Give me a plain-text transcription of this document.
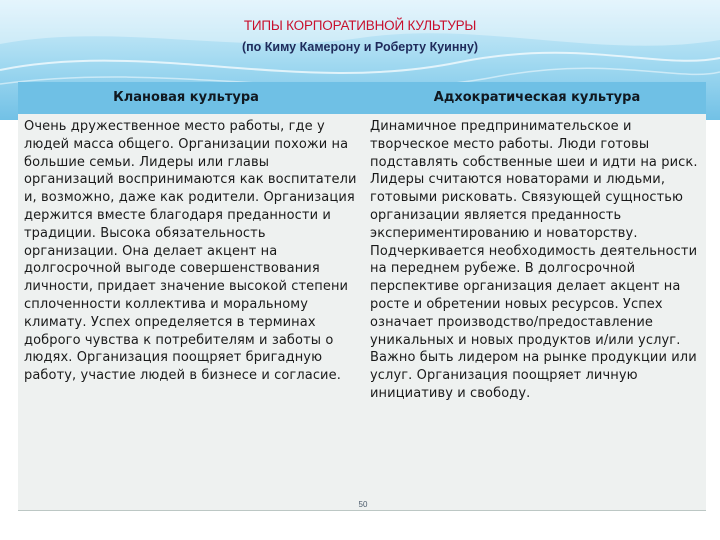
ТИПЫ КОРПОРАТИВНОЙ КУЛЬТУРЫ
(по Киму Камерону и Роберту Куинну)
Клановая культура	Адхократическая культура
Очень дружественное место работы, где у людей масса общего. Организации похожи на большие семьи. Лидеры или главы организаций воспринимаются как воспитатели и, возможно, даже как родители. Организация держится вместе благодаря преданности и традиции. Высока обязательность организации. Она делает акцент на долгосрочной выгоде совершенствования личности, придает значение высокой степени сплоченности коллектива и моральному климату. Успех определяется в терминах доброго чувства к потребителям и заботы о людях. Организация поощряет бригадную работу, участие людей в бизнесе и согласие.
Динамичное предпринимательское и творческое место работы. Люди готовы подставлять собственные шеи и идти на риск. Лидеры считаются новаторами и людьми, готовыми рисковать. Связующей сущностью организации является преданность экспериментированию и новаторству. Подчеркивается необходимость деятельности на переднем рубеже. В долгосрочной перспективе организация делает акцент на росте и обретении новых ресурсов. Успех означает производство/предоставление уникальных и новых продуктов и/или услуг. Важно быть лидером на рынке продукции или услуг. Организация поощряет личную инициативу и свободу.
50
